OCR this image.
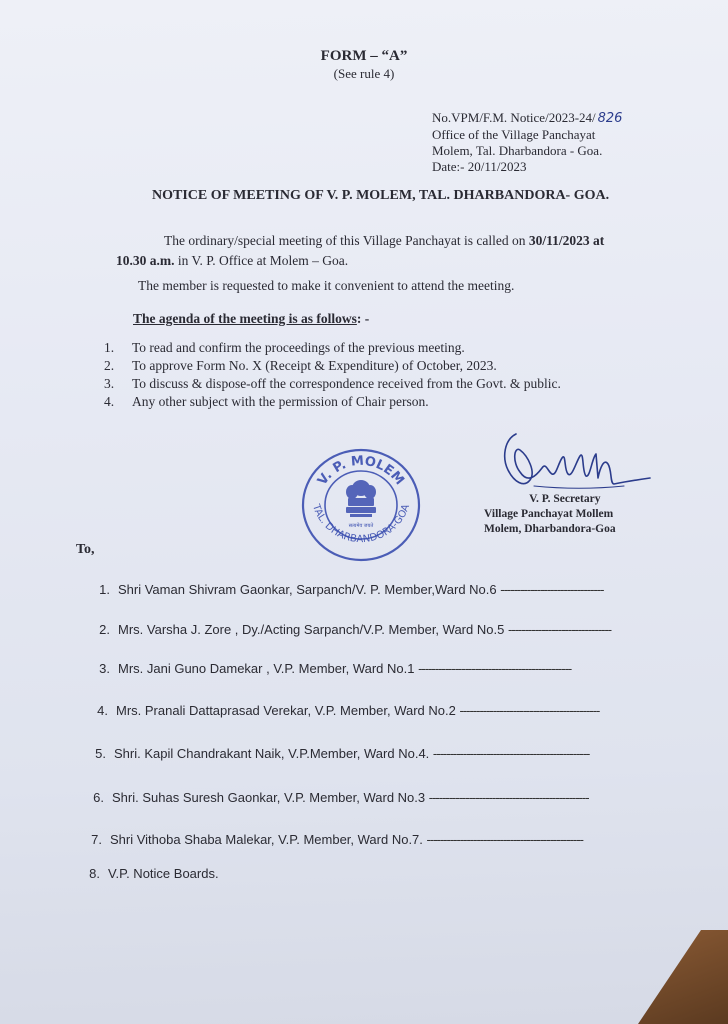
FORM – “A”
(See rule 4)
No.VPM/F.M. Notice/2023-24/ 826
Office of the Village Panchayat
Molem, Tal. Dharbandora - Goa.
Date:- 20/11/2023
NOTICE OF MEETING OF V. P. MOLEM, TAL. DHARBANDORA- GOA.
The ordinary/special meeting of this Village Panchayat is called on 30/11/2023 at
10.30 a.m. in V. P. Office at Molem – Goa.
The member is requested to make it convenient to attend the meeting.
The agenda of the meeting is as follows: -
1. To read and confirm the proceedings of the previous meeting.
2. To approve Form No. X (Receipt & Expenditure) of October, 2023.
3. To discuss & dispose-off the correspondence received from the Govt. & public.
4. Any other subject with the permission of Chair person.
V. P. MOLEM
TAL. DHARBANDORA-GOA
सत्यमेव जयते
V. P. Secretary
Village Panchayat Mollem
Molem, Dharbandora-Goa
To,
1. Shri Vaman Shivram Gaonkar, Sarpanch/V. P. Member,Ward No.6 -------------------------------
2. Mrs. Varsha J. Zore , Dy./Acting Sarpanch/V.P. Member, Ward No.5 -------------------------------
3. Mrs. Jani Guno Damekar , V.P. Member, Ward No.1 ----------------------------------------------
4. Mrs. Pranali Dattaprasad Verekar, V.P. Member, Ward No.2 ------------------------------------------
5. Shri. Kapil Chandrakant Naik, V.P.Member, Ward No.4. -----------------------------------------------
6. Shri. Suhas Suresh Gaonkar, V.P. Member, Ward No.3 ------------------------------------------------
7. Shri Vithoba Shaba Malekar, V.P. Member, Ward No.7. -----------------------------------------------
8. V.P. Notice Boards.
